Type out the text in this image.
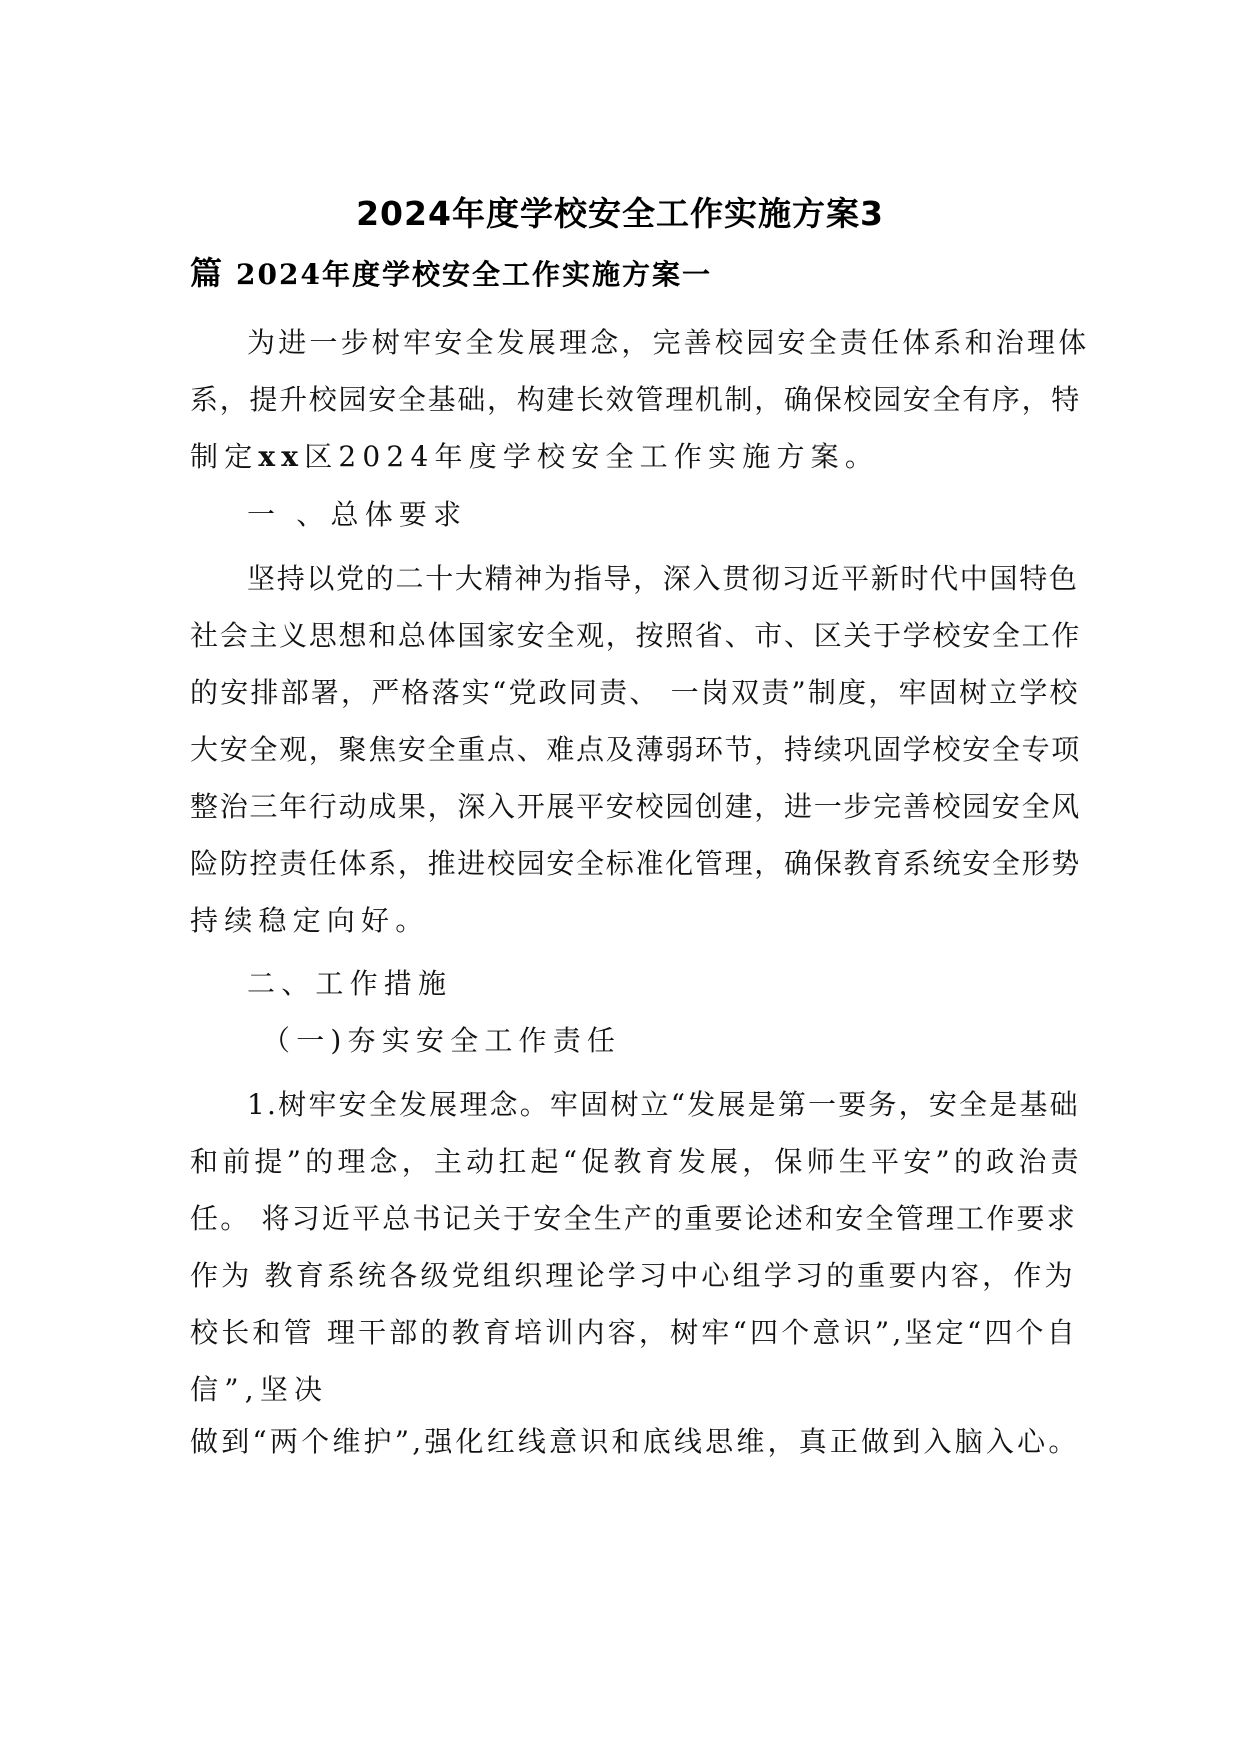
2024年度学校安全工作实施方案3
篇 2024年度学校安全工作实施方案一
为进一步树牢安全发展理念，完善校园安全责任体系和治理体
系，提升校园安全基础，构建长效管理机制，确保校园安全有序，特
制定xx区2024年度学校安全工作实施方案。
一 、总体要求
坚持以党的二十大精神为指导，深入贯彻习近平新时代中国特色
社会主义思想和总体国家安全观，按照省、市、区关于学校安全工作
的安排部署，严格落实“党政同责、 一岗双责”制度，牢固树立学校
大安全观，聚焦安全重点、难点及薄弱环节，持续巩固学校安全专项
整治三年行动成果，深入开展平安校园创建，进一步完善校园安全风
险防控责任体系，推进校园安全标准化管理，确保教育系统安全形势
持续稳定向好。
二、工作措施
（一)夯实安全工作责任
1.树牢安全发展理念。牢固树立“发展是第一要务，安全是基础
和前提”的理念，主动扛起“促教育发展，保师生平安”的政治责
任。 将习近平总书记关于安全生产的重要论述和安全管理工作要求
作为 教育系统各级党组织理论学习中心组学习的重要内容，作为
校长和管 理干部的教育培训内容，树牢“四个意识”,坚定“四个自
信”,坚决
做到“两个维护”,强化红线意识和底线思维，真正做到入脑入心。
